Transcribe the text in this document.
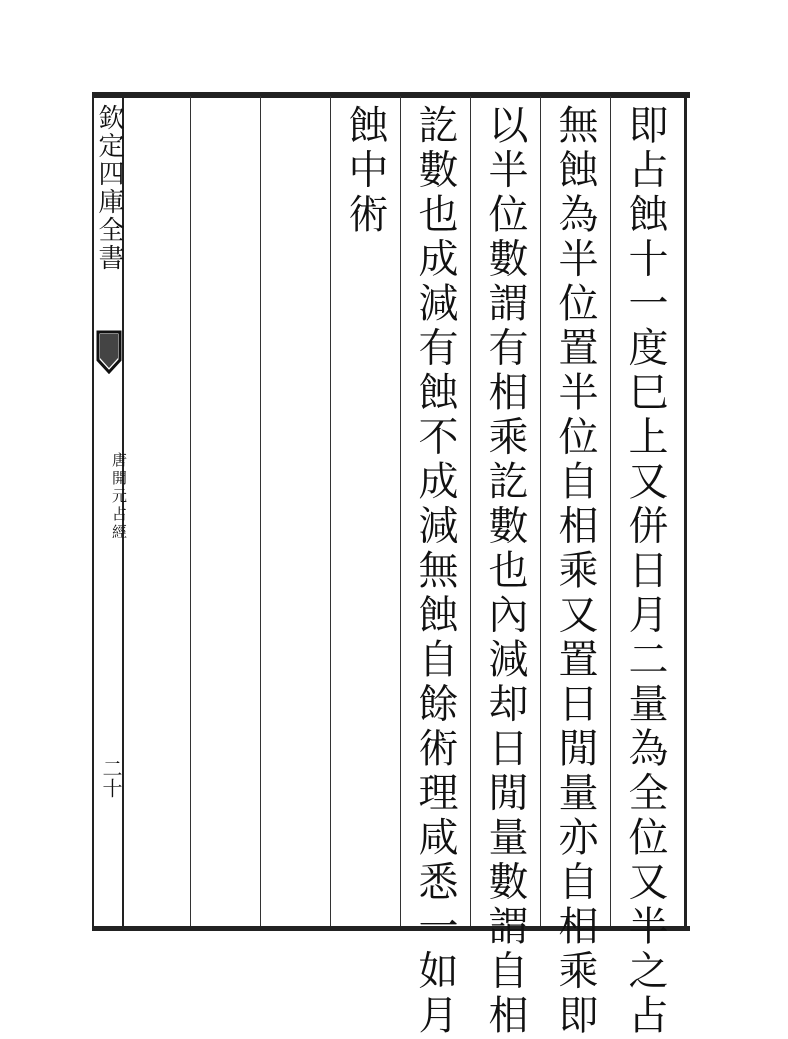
欽定四庫全書
唐開元占經
二十	即占蝕十一度巳上又併日月二量為全位又半之占
無蝕為半位置半位自相乘又置日閒量亦自相乘即
以半位數謂有相乘訖數也內減却日閒量數謂自相
訖數也成減有蝕不成減無蝕自餘術理咸悉一如月
蝕中術
